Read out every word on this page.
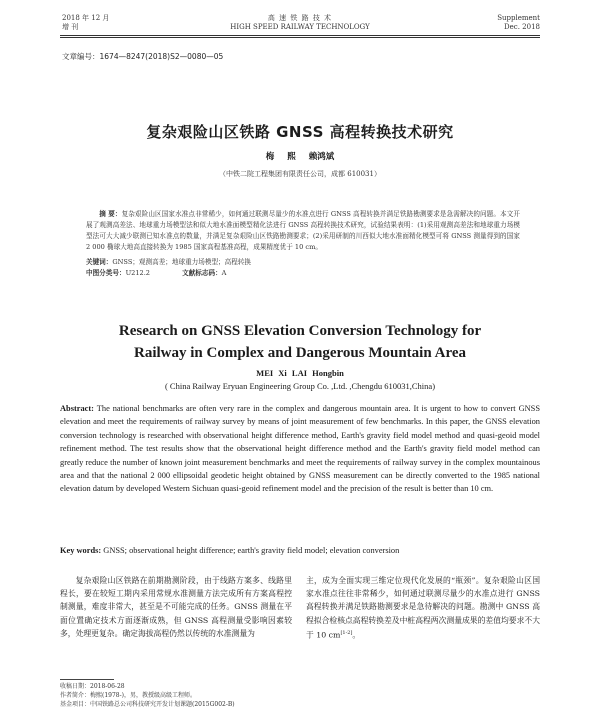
2018 年 12 月
增 刊
高 速 铁 路 技 术
HIGH SPEED RAILWAY TECHNOLOGY
Supplement
Dec. 2018
文章编号：1674—8247(2018)S2—0080—05
复杂艰险山区铁路 GNSS 高程转换技术研究
梅 熙 赖鸿斌
（中铁二院工程集团有限责任公司，成都 610031）
摘 要：复杂艰险山区国家水准点非常稀少，如何通过联测尽量少的水准点进行 GNSS 高程转换并满足铁路勘测要求是急需解决的问题。本文开展了观测高差法、地球重力场模型法和似大地水准面模型精化法进行 GNSS 高程转换技术研究，试验结果表明：(1)采用观测高差法和地球重力场模型法可大大减少联测已知水准点的数量，并满足复杂艰险山区铁路勘测要求；(2)采用研制的川西似大地水准面精化模型可将 GNSS 测量得到的国家 2 000 椭球大地高直接转换为 1985 国家高程基准高程，成果精度优于 10 cm。
关键词：GNSS；观测高差；地球重力场模型；高程转换
中图分类号：U212.2	文献标志码：A
Research on GNSS Elevation Conversion Technology for
Railway in Complex and Dangerous Mountain Area
MEI Xi LAI Hongbin
( China Railway Eryuan Engineering Group Co. ,Ltd. ,Chengdu 610031,China)
Abstract: The national benchmarks are often very rare in the complex and dangerous mountain area. It is urgent to how to convert GNSS elevation and meet the requirements of railway survey by means of joint measurement of few benchmarks. In this paper, the GNSS elevation conversion technology is researched with observational height difference method, Earth's gravity field model method and quasi-geoid model refinement method. The test results show that the observational height difference method and the Earth's gravity field model method can greatly reduce the number of known joint measurement benchmarks and meet the requirements of railway survey in the complex mountainous area and that the national 2 000 ellipsoidal geodetic height obtained by GNSS measurement can be directly converted to the 1985 national elevation datum by developed Western Sichuan quasi-geoid refinement model and the precision of the result is better than 10 cm.
Key words: GNSS; observational height difference; earth's gravity field model; elevation conversion
复杂艰险山区铁路在前期勘测阶段，由于线路方案多、线路里程长，要在较短工期内采用常规水准测量方法完成所有方案高程控制测量，难度非常大，甚至是不可能完成的任务。GNSS 测量在平面位置确定技术方面逐渐成熟，但 GNSS 高程测量受影响因素较多，处理更复杂。确定海拔高程仍然以传统的水准测量为
主，成为全面实现三维定位现代化发展的“瓶颈”。复杂艰险山区国家水准点往往非常稀少，如何通过联测尽量少的水准点进行 GNSS 高程转换并满足铁路勘测要求是急待解决的问题。勘测中 GNSS 高程拟合检核点高程转换差及中桩高程两次测量成果的差值均要求不大于 10 cm[1-2]。
收稿日期：2018-06-28
作者简介：梅熙(1978-)，男，教授级高级工程师。
基金项目：中国铁路总公司科技研究开发计划课题(2015G002-B)
